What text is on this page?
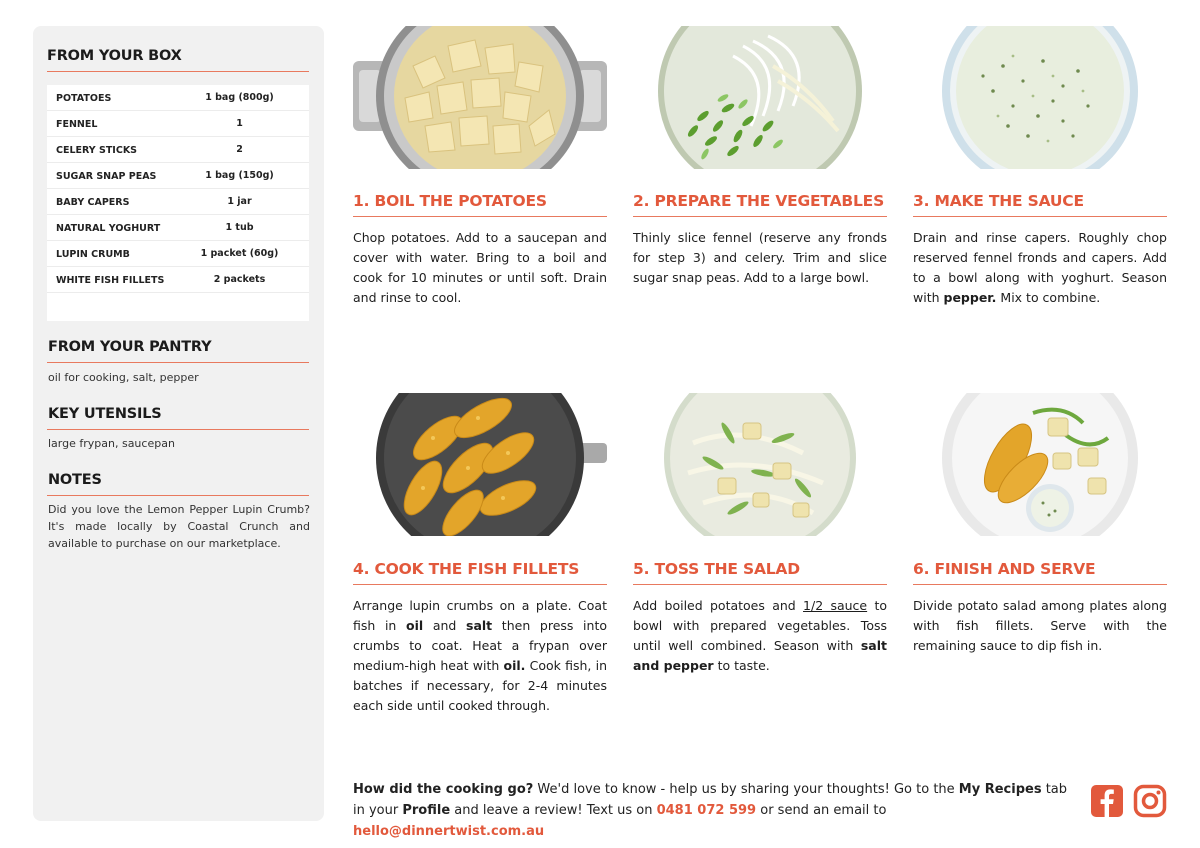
FROM YOUR BOX
POTATOES	1 bag (800g)
FENNEL	1
CELERY STICKS	2
SUGAR SNAP PEAS	1 bag (150g)
BABY CAPERS	1 jar
NATURAL YOGHURT	1 tub
LUPIN CRUMB	1 packet (60g)
WHITE FISH FILLETS	2 packets
FROM YOUR PANTRY
oil for cooking, salt, pepper
KEY UTENSILS
large frypan, saucepan
NOTES
Did you love the Lemon Pepper Lupin Crumb? It's made locally by Coastal Crunch and available to purchase on our marketplace.
1. BOIL THE POTATOES
Chop potatoes. Add to a saucepan and cover with water. Bring to a boil and cook for 10 minutes or until soft. Drain and rinse to cool.
2. PREPARE THE VEGETABLES
Thinly slice fennel (reserve any fronds for step 3) and celery. Trim and slice sugar snap peas. Add to a large bowl.
3. MAKE THE SAUCE
Drain and rinse capers. Roughly chop reserved fennel fronds and capers. Add to a bowl along with yoghurt. Season with pepper. Mix to combine.
4. COOK THE FISH FILLETS
Arrange lupin crumbs on a plate. Coat fish in oil and salt then press into crumbs to coat. Heat a frypan over medium-high heat with oil. Cook fish, in batches if necessary, for 2-4 minutes each side until cooked through.
5. TOSS THE SALAD
Add boiled potatoes and 1/2 sauce to bowl with prepared vegetables. Toss until well combined. Season with salt and pepper to taste.
6. FINISH AND SERVE
Divide potato salad among plates along with fish fillets. Serve with the remaining sauce to dip fish in.
How did the cooking go? We'd love to know - help us by sharing your thoughts! Go to the My Recipes tab in your Profile and leave a review! Text us on 0481 072 599 or send an email to hello@dinnertwist.com.au
